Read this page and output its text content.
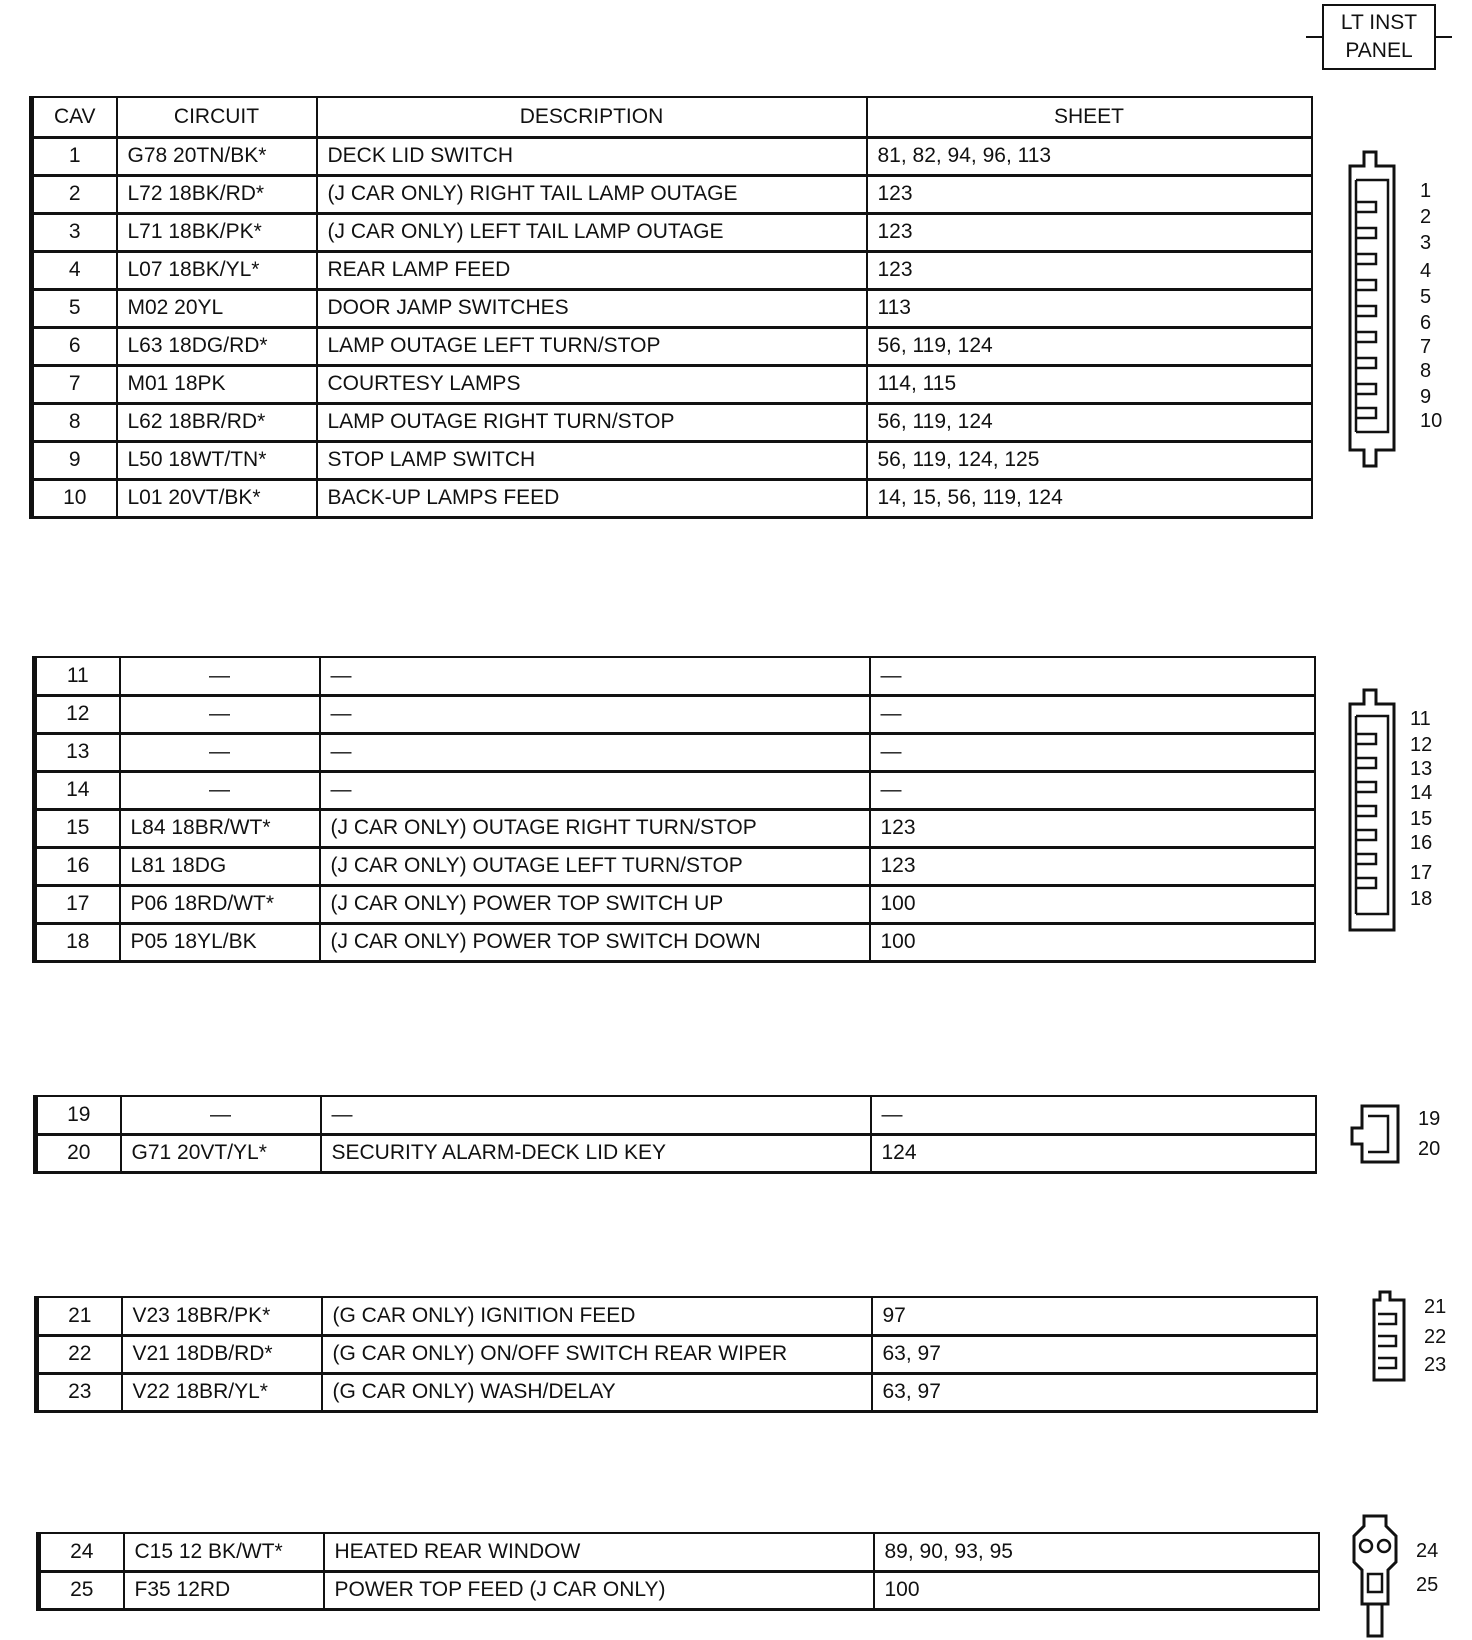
LT INST
PANEL
CAV	CIRCUIT	DESCRIPTION	SHEET
1	G78 20TN/BK*	DECK LID SWITCH	81, 82, 94, 96, 113
2	L72 18BK/RD*	(J CAR ONLY) RIGHT TAIL LAMP OUTAGE	123
3	L71 18BK/PK*	(J CAR ONLY) LEFT TAIL LAMP OUTAGE	123
4	L07 18BK/YL*	REAR LAMP FEED	123
5	M02 20YL	DOOR JAMP SWITCHES	113
6	L63 18DG/RD*	LAMP OUTAGE LEFT TURN/STOP	56, 119, 124
7	M01 18PK	COURTESY LAMPS	114, 115
8	L62 18BR/RD*	LAMP OUTAGE RIGHT TURN/STOP	56, 119, 124
9	L50 18WT/TN*	STOP LAMP SWITCH	56, 119, 124, 125
10	L01 20VT/BK*	BACK-UP LAMPS FEED	14, 15, 56, 119, 124
11	—	—	—
12	—	—	—
13	—	—	—
14	—	—	—
15	L84 18BR/WT*	(J CAR ONLY) OUTAGE RIGHT TURN/STOP	123
16	L81 18DG	(J CAR ONLY) OUTAGE LEFT TURN/STOP	123
17	P06 18RD/WT*	(J CAR ONLY) POWER TOP SWITCH UP	100
18	P05 18YL/BK	(J CAR ONLY) POWER TOP SWITCH DOWN	100
19	—	—	—
20	G71 20VT/YL*	SECURITY ALARM-DECK LID KEY	124
21	V23 18BR/PK*	(G CAR ONLY) IGNITION FEED	97
22	V21 18DB/RD*	(G CAR ONLY) ON/OFF SWITCH REAR WIPER	63, 97
23	V22 18BR/YL*	(G CAR ONLY) WASH/DELAY	63, 97
24	C15 12 BK/WT*	HEATED REAR WINDOW	89, 90, 93, 95
25	F35 12RD	POWER TOP FEED (J CAR ONLY)	100
1
2
3
4
5
6
7
8
9
10
11
12
13
14
15
16
17
18
19
20
21
22
23
24
25
